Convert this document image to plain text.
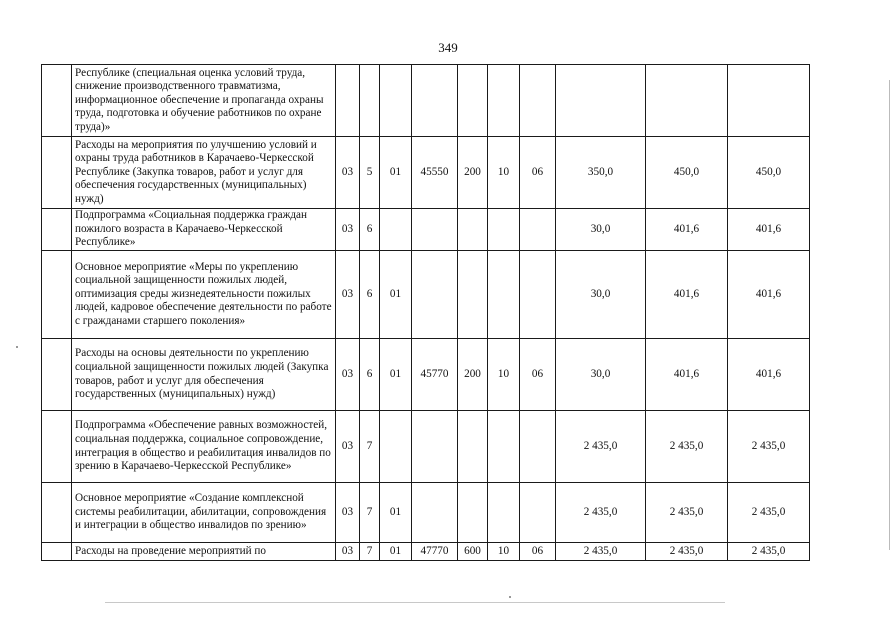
349
	Республике (специальная оценка условий труда, снижение производственного травматизма, информационное обеспечение и пропаганда охраны труда, подготовка и обучение работников по охране труда)»										
	Расходы на мероприятия по улучшению условий и охраны труда работников в Карачаево-Черкесской Республике (Закупка товаров, работ и услуг для обеспечения государственных (муниципальных) нужд)	03	5	01	45550	200	10	06	350,0	450,0	450,0
	Подпрограмма «Социальная поддержка граждан пожилого возраста в Карачаево-Черкесской Республике»	03	6						30,0	401,6	401,6
	Основное мероприятие «Меры по укреплению социальной защищенности пожилых людей, оптимизация среды жизнедеятельности пожилых людей, кадровое обеспечение деятельности по работе с гражданами старшего поколения»	03	6	01					30,0	401,6	401,6
	Расходы на основы деятельности по укреплению социальной защищенности пожилых людей (Закупка товаров, работ и услуг для обеспечения государственных (муниципальных) нужд)	03	6	01	45770	200	10	06	30,0	401,6	401,6
	Подпрограмма «Обеспечение равных возможностей, социальная поддержка, социальное сопровождение, интеграция в общество и реабилитация инвалидов по зрению в Карачаево-Черкесской Республике»	03	7						2 435,0	2 435,0	2 435,0
	Основное мероприятие «Создание комплексной системы реабилитации, абилитации, сопровождения и интеграции в общество инвалидов по зрению»	03	7	01					2 435,0	2 435,0	2 435,0
	Расходы на проведение мероприятий по	03	7	01	47770	600	10	06	2 435,0	2 435,0	2 435,0
